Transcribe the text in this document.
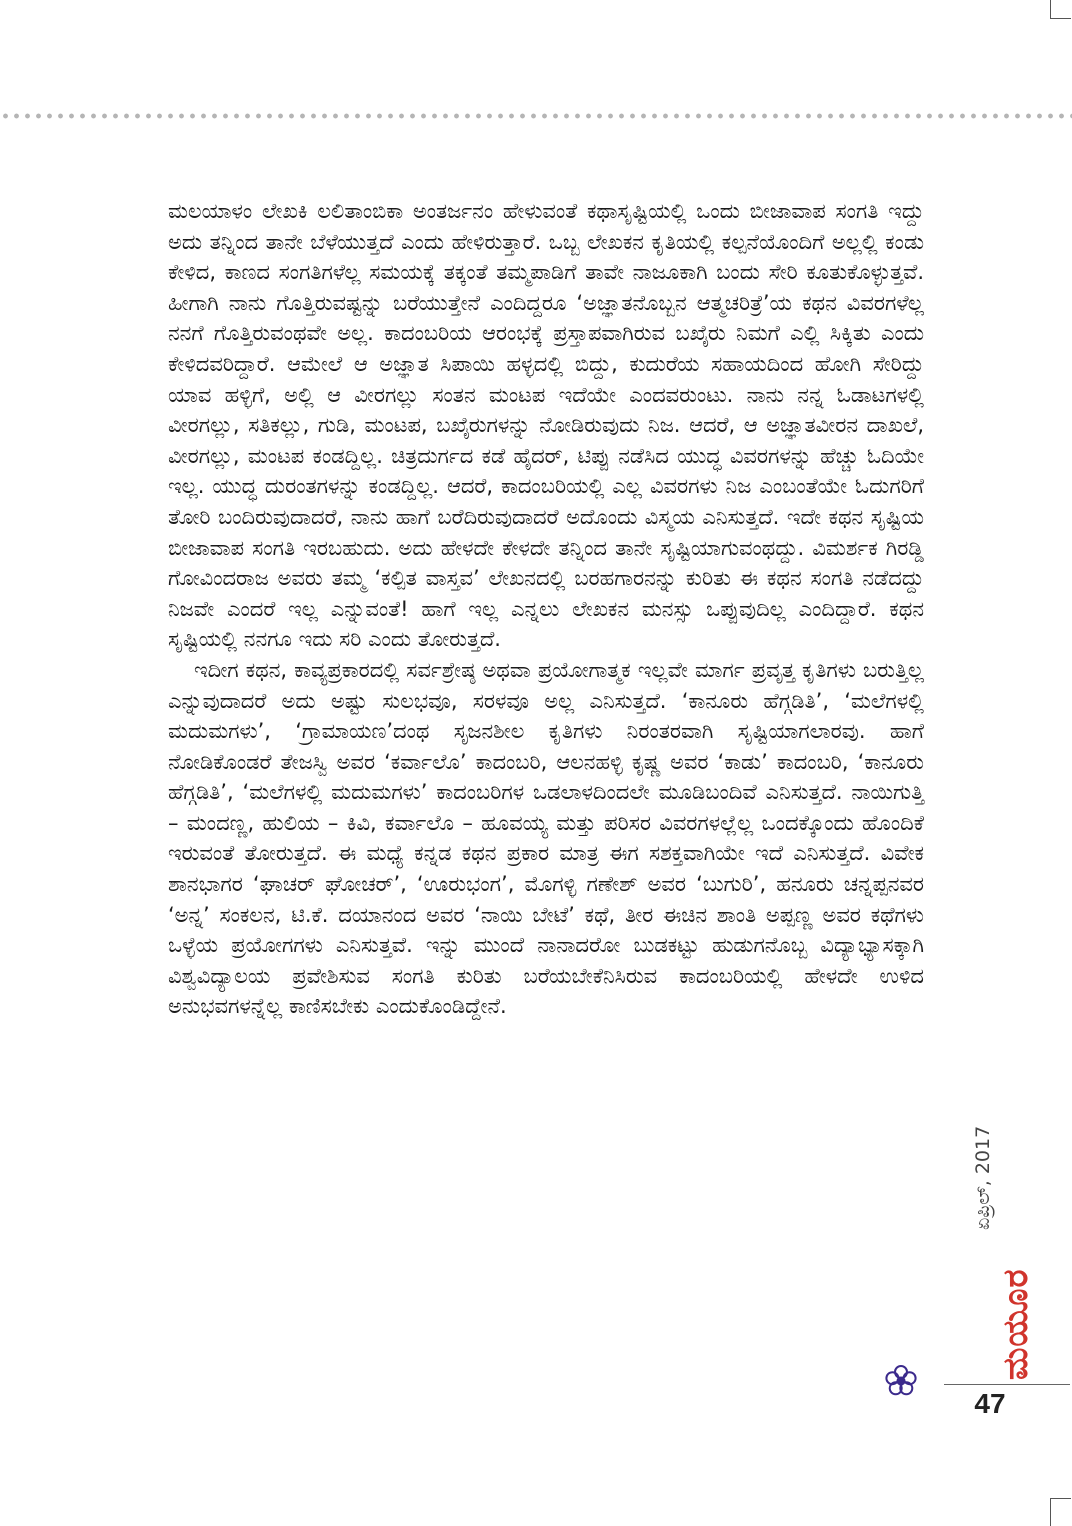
ಮಲಯಾಳಂ ಲೇಖಕಿ ಲಲಿತಾಂಬಿಕಾ ಅಂತರ್ಜನಂ ಹೇಳುವಂತೆ ಕಥಾಸೃಷ್ಟಿಯಲ್ಲಿ ಒಂದು ಬೀಜಾವಾಪ ಸಂಗತಿ ಇದ್ದು ಅದು ತನ್ನಿಂದ ತಾನೇ ಬೆಳೆಯುತ್ತದೆ ಎಂದು ಹೇಳಿರುತ್ತಾರೆ. ಒಬ್ಬ ಲೇಖಕನ ಕೃತಿಯಲ್ಲಿ ಕಲ್ಪನೆಯೊಂದಿಗೆ ಅಲ್ಲಲ್ಲಿ ಕಂಡು ಕೇಳಿದ, ಕಾಣದ ಸಂಗತಿಗಳೆಲ್ಲ ಸಮಯಕ್ಕೆ ತಕ್ಕಂತೆ ತಮ್ಮಪಾಡಿಗೆ ತಾವೇ ನಾಜೂಕಾಗಿ ಬಂದು ಸೇರಿ ಕೂತುಕೊಳ್ಳುತ್ತವೆ. ಹೀಗಾಗಿ ನಾನು ಗೊತ್ತಿರುವಷ್ಟನ್ನು ಬರೆಯುತ್ತೇನೆ ಎಂದಿದ್ದರೂ ‘ಅಜ್ಞಾತನೊಬ್ಬನ ಆತ್ಮಚರಿತ್ರೆ’ಯ ಕಥನ ವಿವರಗಳೆಲ್ಲ ನನಗೆ ಗೊತ್ತಿರುವಂಥವೇ ಅಲ್ಲ. ಕಾದಂಬರಿಯ ಆರಂಭಕ್ಕೆ ಪ್ರಸ್ತಾಪವಾಗಿರುವ ಬಖೈರು ನಿಮಗೆ ಎಲ್ಲಿ ಸಿಕ್ಕಿತು ಎಂದು ಕೇಳಿದವರಿದ್ದಾರೆ. ಆಮೇಲೆ ಆ ಅಜ್ಞಾತ ಸಿಪಾಯಿ ಹಳ್ಳದಲ್ಲಿ ಬಿದ್ದು, ಕುದುರೆಯ ಸಹಾಯದಿಂದ ಹೋಗಿ ಸೇರಿದ್ದು ಯಾವ ಹಳ್ಳಿಗೆ, ಅಲ್ಲಿ ಆ ವೀರಗಲ್ಲು ಸಂತನ ಮಂಟಪ ಇದೆಯೇ ಎಂದವರುಂಟು. ನಾನು ನನ್ನ ಓಡಾಟಗಳಲ್ಲಿ ವೀರಗಲ್ಲು, ಸತಿಕಲ್ಲು, ಗುಡಿ, ಮಂಟಪ, ಬಖೈರುಗಳನ್ನು ನೋಡಿರುವುದು ನಿಜ. ಆದರೆ, ಆ ಅಜ್ಞಾತವೀರನ ದಾಖಲೆ, ವೀರಗಲ್ಲು, ಮಂಟಪ ಕಂಡದ್ದಿಲ್ಲ. ಚಿತ್ರದುರ್ಗದ ಕಡೆ ಹೈದರ್, ಟಿಪ್ಪು ನಡೆಸಿದ ಯುದ್ಧ ವಿವರಗಳನ್ನು ಹೆಚ್ಚು ಓದಿಯೇ ಇಲ್ಲ. ಯುದ್ಧ ದುರಂತಗಳನ್ನು ಕಂಡದ್ದಿಲ್ಲ. ಆದರೆ, ಕಾದಂಬರಿಯಲ್ಲಿ ಎಲ್ಲ ವಿವರಗಳು ನಿಜ ಎಂಬಂತೆಯೇ ಓದುಗರಿಗೆ ತೋರಿ ಬಂದಿರುವುದಾದರೆ, ನಾನು ಹಾಗೆ ಬರೆದಿರುವುದಾದರೆ ಅದೊಂದು ವಿಸ್ಮಯ ಎನಿಸುತ್ತದೆ. ಇದೇ ಕಥನ ಸೃಷ್ಟಿಯ ಬೀಜಾವಾಪ ಸಂಗತಿ ಇರಬಹುದು. ಅದು ಹೇಳದೇ ಕೇಳದೇ ತನ್ನಿಂದ ತಾನೇ ಸೃಷ್ಟಿಯಾಗುವಂಥದ್ದು. ವಿಮರ್ಶಕ ಗಿರಡ್ಡಿ ಗೋವಿಂದರಾಜ ಅವರು ತಮ್ಮ ‘ಕಲ್ಪಿತ ವಾಸ್ತವ’ ಲೇಖನದಲ್ಲಿ ಬರಹಗಾರನನ್ನು ಕುರಿತು ಈ ಕಥನ ಸಂಗತಿ ನಡೆದದ್ದು ನಿಜವೇ ಎಂದರೆ ಇಲ್ಲ ಎನ್ನುವಂತೆ! ಹಾಗೆ ಇಲ್ಲ ಎನ್ನಲು ಲೇಖಕನ ಮನಸ್ಸು ಒಪ್ಪುವುದಿಲ್ಲ ಎಂದಿದ್ದಾರೆ. ಕಥನ ಸೃಷ್ಟಿಯಲ್ಲಿ ನನಗೂ ಇದು ಸರಿ ಎಂದು ತೋರುತ್ತದೆ.

ಇದೀಗ ಕಥನ, ಕಾವ್ಯಪ್ರಕಾರದಲ್ಲಿ ಸರ್ವಶ್ರೇಷ್ಠ ಅಥವಾ ಪ್ರಯೋಗಾತ್ಮಕ ಇಲ್ಲವೇ ಮಾರ್ಗ ಪ್ರವೃತ್ತ ಕೃತಿಗಳು ಬರುತ್ತಿಲ್ಲ ಎನ್ನುವುದಾದರೆ ಅದು ಅಷ್ಟು ಸುಲಭವೂ, ಸರಳವೂ ಅಲ್ಲ ಎನಿಸುತ್ತದೆ. ‘ಕಾನೂರು ಹೆಗ್ಗಡಿತಿ’, ‘ಮಲೆಗಳಲ್ಲಿ ಮದುಮಗಳು’, ‘ಗ್ರಾಮಾಯಣ’ದಂಥ ಸೃಜನಶೀಲ ಕೃತಿಗಳು ನಿರಂತರವಾಗಿ ಸೃಷ್ಟಿಯಾಗಲಾರವು. ಹಾಗೆ ನೋಡಿಕೊಂಡರೆ ತೇಜಸ್ವಿ ಅವರ ‘ಕರ್ವಾಲೊ’ ಕಾದಂಬರಿ, ಆಲನಹಳ್ಳಿ ಕೃಷ್ಣ ಅವರ ‘ಕಾಡು’ ಕಾದಂಬರಿ, ‘ಕಾನೂರು ಹೆಗ್ಗಡಿತಿ’, ‘ಮಲೆಗಳಲ್ಲಿ ಮದುಮಗಳು’ ಕಾದಂಬರಿಗಳ ಒಡಲಾಳದಿಂದಲೇ ಮೂಡಿಬಂದಿವೆ ಎನಿಸುತ್ತದೆ. ನಾಯಿಗುತ್ತಿ – ಮಂದಣ್ಣ, ಹುಲಿಯ – ಕಿವಿ, ಕರ್ವಾಲೊ – ಹೂವಯ್ಯ ಮತ್ತು ಪರಿಸರ ವಿವರಗಳಲ್ಲೆಲ್ಲ ಒಂದಕ್ಕೊಂದು ಹೊಂದಿಕೆ ಇರುವಂತೆ ತೋರುತ್ತದೆ. ಈ ಮಧ್ಯೆ ಕನ್ನಡ ಕಥನ ಪ್ರಕಾರ ಮಾತ್ರ ಈಗ ಸಶಕ್ತವಾಗಿಯೇ ಇದೆ ಎನಿಸುತ್ತದೆ. ವಿವೇಕ ಶಾನಭಾಗರ ‘ಘಾಚರ್ ಘೋಚರ್’, ‘ಊರುಭಂಗ’, ಮೊಗಳ್ಳಿ ಗಣೇಶ್ ಅವರ ‘ಬುಗುರಿ’, ಹನೂರು ಚನ್ನಪ್ಪನವರ ‘ಅನ್ನ’ ಸಂಕಲನ, ಟಿ.ಕೆ. ದಯಾನಂದ ಅವರ ‘ನಾಯಿ ಬೇಟೆ’ ಕಥೆ, ತೀರ ಈಚಿನ ಶಾಂತಿ ಅಪ್ಪಣ್ಣ ಅವರ ಕಥೆಗಳು ಒಳ್ಳೆಯ ಪ್ರಯೋಗಗಳು ಎನಿಸುತ್ತವೆ. ಇನ್ನು ಮುಂದೆ ನಾನಾದರೋ ಬುಡಕಟ್ಟು ಹುಡುಗನೊಬ್ಬ ವಿದ್ಯಾಭ್ಯಾಸಕ್ಕಾಗಿ ವಿಶ್ವವಿದ್ಯಾಲಯ ಪ್ರವೇಶಿಸುವ ಸಂಗತಿ ಕುರಿತು ಬರೆಯಬೇಕೆನಿಸಿರುವ ಕಾದಂಬರಿಯಲ್ಲಿ ಹೇಳದೇ ಉಳಿದ ಅನುಭವಗಳನ್ನೆಲ್ಲ ಕಾಣಿಸಬೇಕು ಎಂದುಕೊಂಡಿದ್ದೇನೆ.

ಏಪ್ರಿಲ್, 2017
ಮಯೂರ
47
